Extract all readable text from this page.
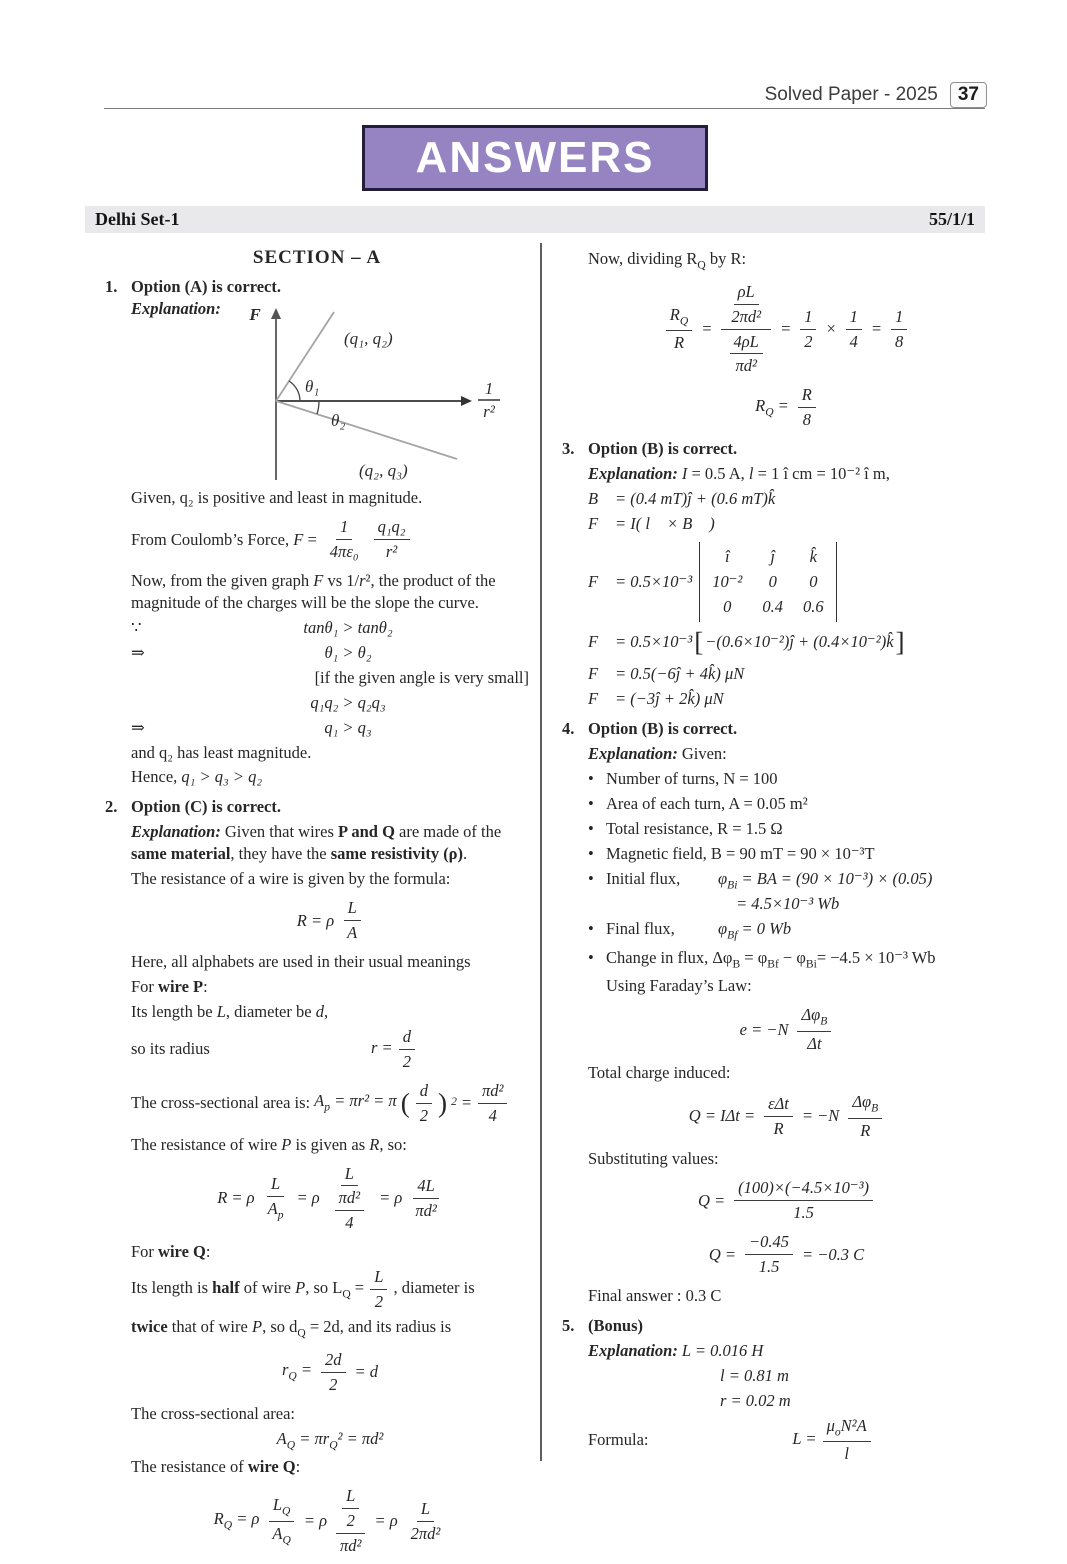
Solved Paper - 2025	37
ANSWERS
Delhi Set-1	55/1/1
SECTION – A
1. Option (A) is correct.
Explanation:	F
θ₁
θ₂
(q₁, q₂)
(q₂, q₃)
1
r²
Given, q₂ is positive and least in magnitude.
From Coulomb’s Force, $F = \frac{1}{\text{4πε₀}} \frac{\text{q₁q₂}}{\text{r²}}$
Now, from the given graph F vs 1/r², the product of the magnitude of the charges will be the slope the curve.
∵	tanθ₁ > tanθ₂
⇒	θ₁ > θ₂
[if the given angle is very small]
q₁q₂ > q₂q₃
⇒	q₁ > q₃
and q₂ has least magnitude.
Hence, q₁ > q₃ > q₂
2. Option (C) is correct.
Explanation: Given that wires P and Q are made of the same material, they have the same resistivity (ρ).
The resistance of a wire is given by the formula:
R = ρ $\frac{L}{A}$
Here, all alphabets are used in their usual meanings
For wire P:
Its length be L, diameter be d,
so its radius	$r = \frac{d}{2}$
The cross-sectional area is: $A_p = \pi r^2 = \pi$ ( $\frac{d}{2}$ ) $2 = \frac{\text{πd²}}{4}$
The resistance of wire P is given as R, so:
R = ρ $\frac{L}{A_p} = \rho \frac{L}{\frac{\text{πd²}}{4}} = \rho \frac{4L}{\text{πd²}}$
For wire Q:
Its length is half of wire P, so $L_Q = \frac{L}{2}$ , diameter is
twice that of wire P, so $d_Q = 2d$, and its radius is
$r_Q = \frac{2d}{2} = d$
The cross-sectional area:
$A_Q = \pi r_Q^2 = \pi d^2$
The resistance of wire Q:
$R_Q = \rho \frac{L_Q}{A_Q} = \rho \frac{\frac{L}{2}}{\text{πd²}} = \rho \frac{L}{\text{2πd²}}$
Now, dividing $R_Q$ by R:
$\frac{R_Q}{R} = \frac{\frac{\rho L}{\text{2πd²}}}{\frac{4\rho L}{\text{πd²}}} = \frac{1}{2} \times \frac{1}{4} = \frac{1}{8}$
$R_Q = \frac{R}{8}$
3. Option (B) is correct.
Explanation: I = 0.5 A, l = 1 î cm = 10⁻² î m,
B⃗ = (0.4 mT)ĵ + (0.6 mT)k̂
F⃗ = I( l⃗ × B⃗ )
F⃗ = 0.5×10⁻³
î	ĵ	k̂
10⁻²	0	0
0	0.4 0.6
F⃗ = 0.5×10⁻³ [ −(0.6×10⁻²)ĵ + (0.4×10⁻²)k̂ ]
F⃗ = 0.5(−6ĵ + 4k̂) μN
F⃗ = (−3ĵ + 2k̂) μN
4. Option (B) is correct.
Explanation: Given:
• Number of turns, N = 100
• Area of each turn, A = 0.05 m²
• Total resistance, R = 1.5 Ω
• Magnetic field, B = 90 mT = 90 × 10⁻³T
• Initial flux,	$\varphi_{Bi}$ = BA = (90 × 10⁻³) × (0.05)
= 4.5×10⁻³ Wb
• Final flux,	$\varphi_{Bf} = 0$ Wb
• Change in flux, $\Delta\varphi_B = \varphi_{Bf} - \varphi_{Bi}= -4.5 \times 10^{-3}$ Wb
Using Faraday’s Law:
$e = -N \frac{\Delta\varphi_B}{\Delta t}$
Total charge induced:
$Q = I\Delta t = \frac{\text{εΔt}}{R} = -N \frac{\Delta\varphi_B}{R}$
Substituting values:
$Q = \frac{\text{(100)×(−4.5×10⁻³)}}{1.5}$
$Q = \frac{-0.45}{1.5} = -0.3$ C
Final answer : 0.3 C
5. (Bonus)
Explanation: L = 0.016 H
l = 0.81 m
r = 0.02 m
Formula:	$L = \frac{\mu_oN^2A}{l}$
